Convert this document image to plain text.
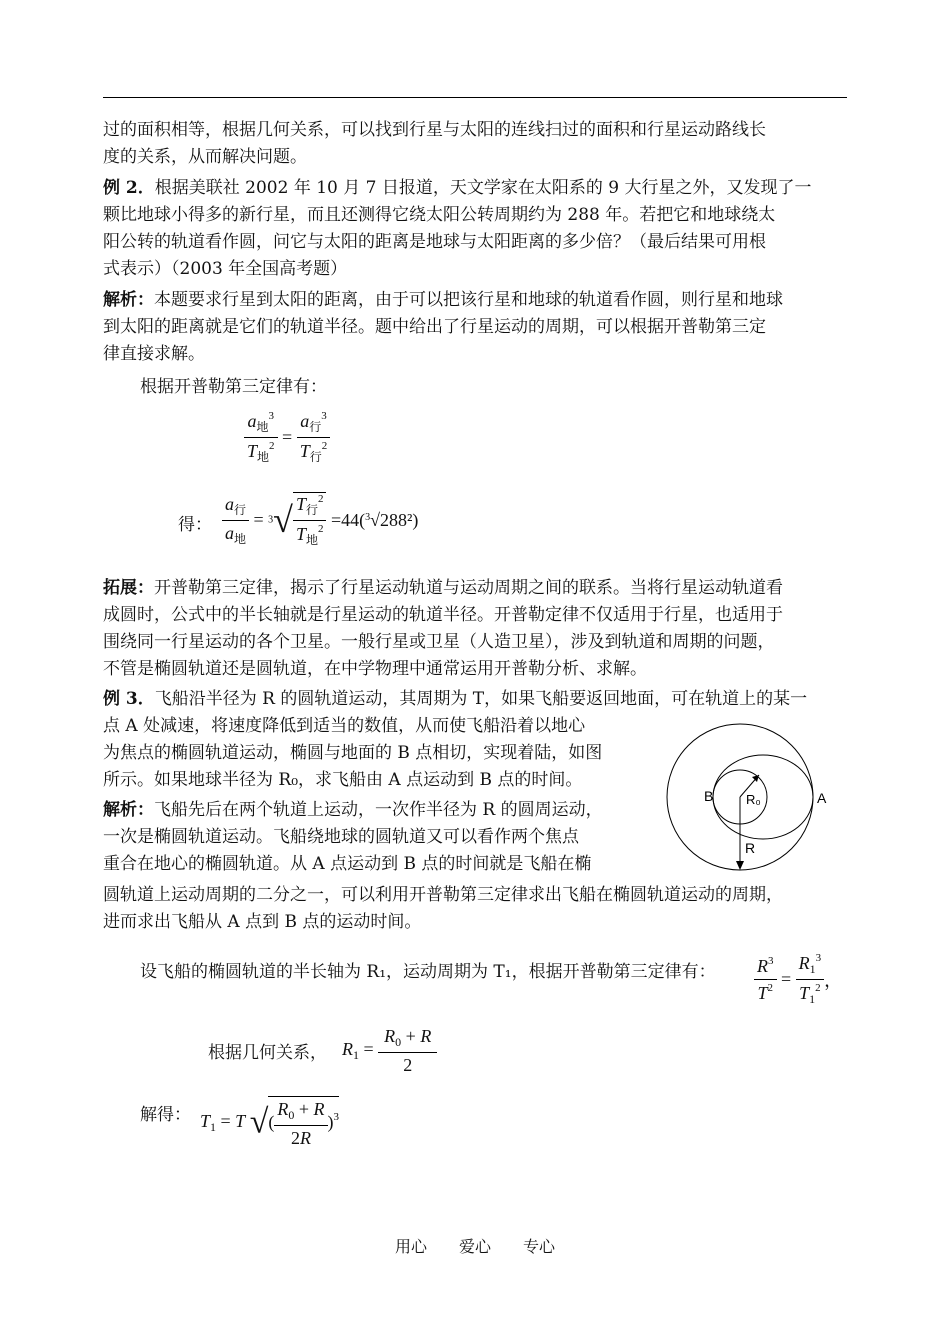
过的面积相等，根据几何关系，可以找到行星与太阳的连线扫过的面积和行星运动路线长
度的关系，从而解决问题。
例 2．根据美联社 2002 年 10 月 7 日报道，天文学家在太阳系的 9 大行星之外，又发现了一
颗比地球小得多的新行星，而且还测得它绕太阳公转周期约为 288 年。若把它和地球绕太
阳公转的轨道看作圆，问它与太阳的距离是地球与太阳距离的多少倍？（最后结果可用根
式表示）（2003 年全国高考题）
解析：本题要求行星到太阳的距离，由于可以把该行星和地球的轨道看作圆，则行星和地球
到太阳的距离就是它们的轨道半径。题中给出了行星运动的周期，可以根据开普勒第三定
律直接求解。
根据开普勒第三定律有：
$\frac{a_地^3}{T_地^2} = \frac{a_行^3}{T_行^2}$
得： $\frac{a_行}{a_地} = 3√ \frac{T_行^2}{T_地^2} =44(^3√288^2)$
拓展：开普勒第三定律，揭示了行星运动轨道与运动周期之间的联系。当将行星运动轨道看
成圆时，公式中的半长轴就是行星运动的轨道半径。开普勒定律不仅适用于行星，也适用于
围绕同一行星运动的各个卫星。一般行星或卫星（人造卫星），涉及到轨道和周期的问题，
不管是椭圆轨道还是圆轨道，在中学物理中通常运用开普勒分析、求解。
例 3．飞船沿半径为 R 的圆轨道运动，其周期为 T，如果飞船要返回地面，可在轨道上的某一
点 A 处减速，将速度降低到适当的数值，从而使飞船沿着以地心
为焦点的椭圆轨道运动，椭圆与地面的 B 点相切，实现着陆，如图
所示。如果地球半径为 R₀，求飞船由 A 点运动到 B 点的时间。
解析：飞船先后在两个轨道上运动，一次作半径为 R 的圆周运动，
一次是椭圆轨道运动。飞船绕地球的圆轨道又可以看作两个焦点
重合在地心的椭圆轨道。从 A 点运动到 B 点的时间就是飞船在椭
圆轨道上运动周期的二分之一，可以利用开普勒第三定律求出飞船在椭圆轨道运动的周期，
进而求出飞船从 A 点到 B 点的运动时间。
B	R₀	A
R
设飞船的椭圆轨道的半长轴为 R₁，运动周期为 T₁，根据开普勒第三定律有： $\frac{R^3}{T^2} = \frac{R_1^3}{T_1^2}$ ，
根据几何关系， $R_1 = \frac{R_0 + R}{2}$
解得： $T_1 = T$ √( $\frac{R_0 + R}{2R} )^3$
用心 爱心 专心
